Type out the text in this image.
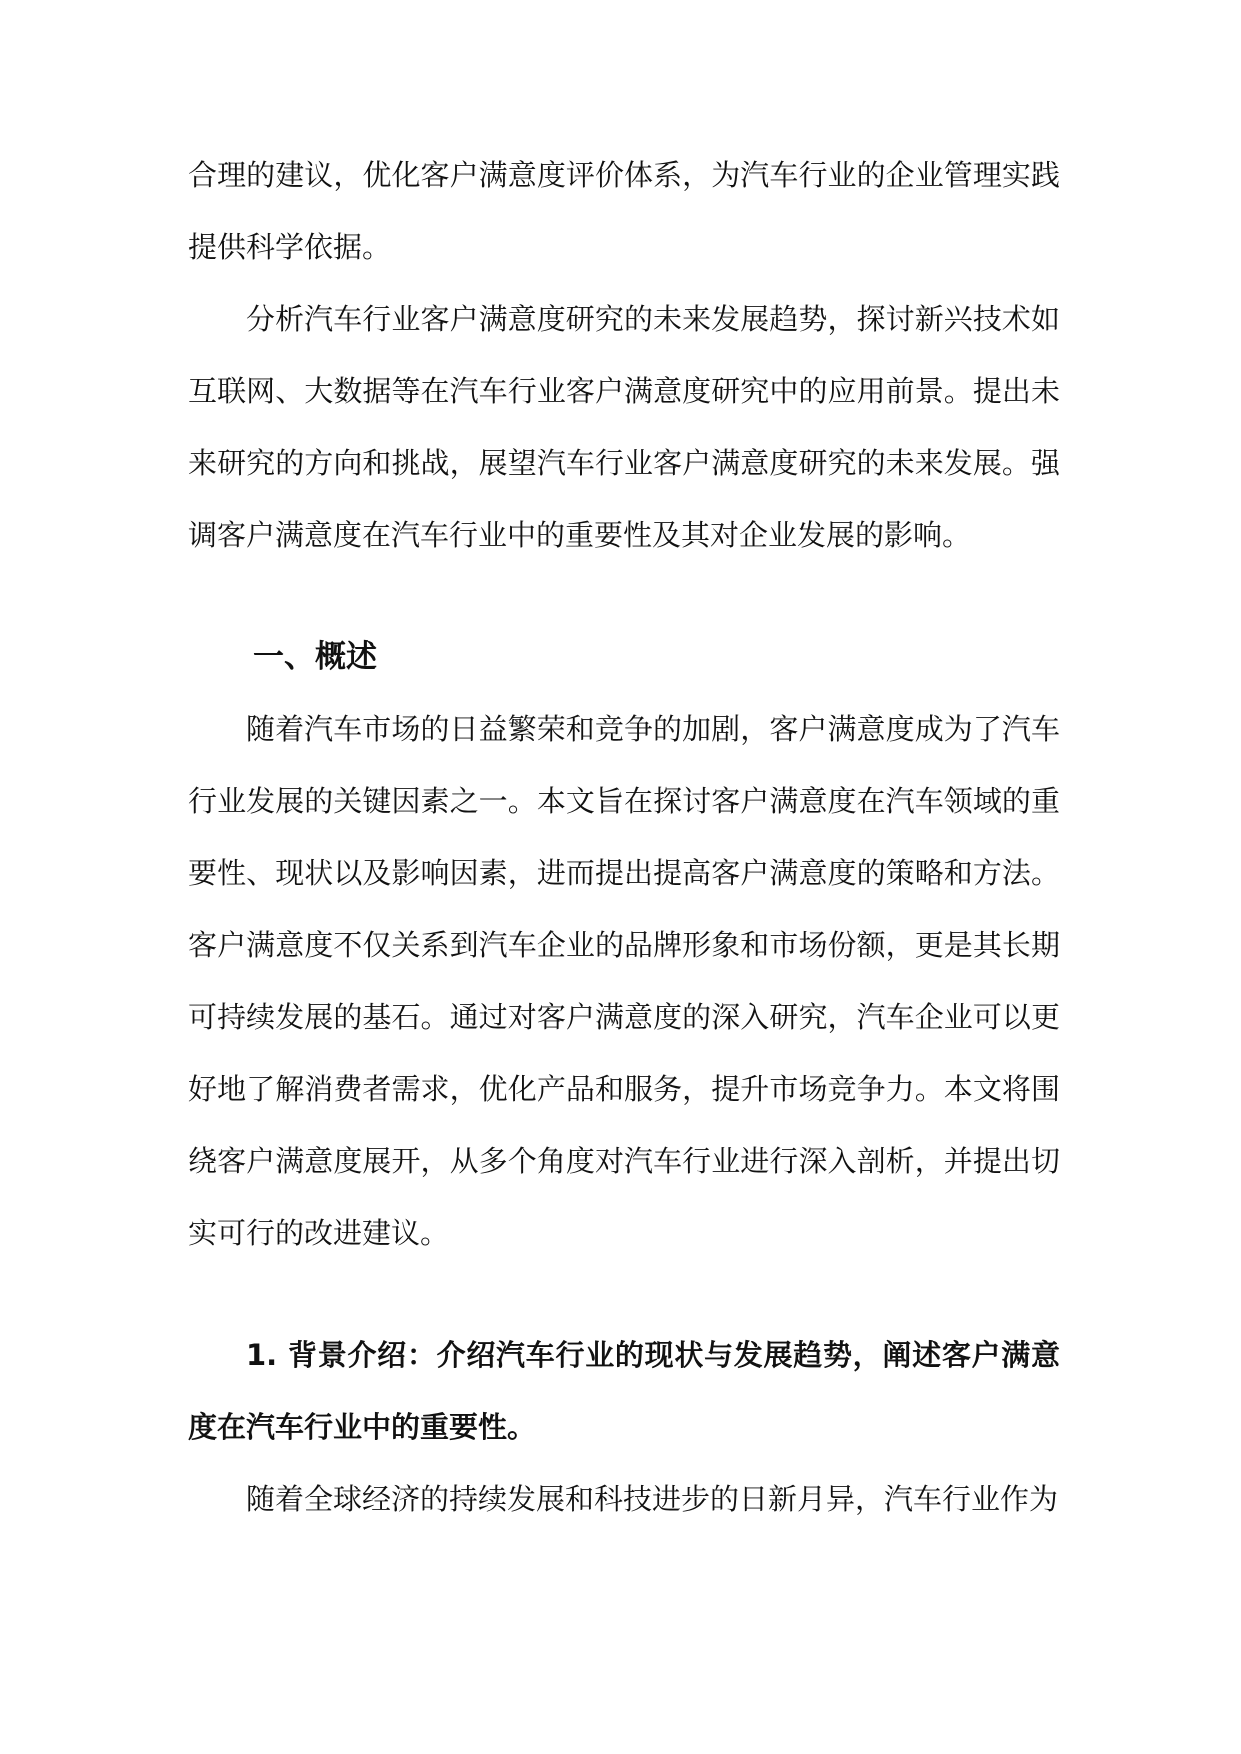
合理的建议，优化客户满意度评价体系，为汽车行业的企业管理实践提供科学依据。

分析汽车行业客户满意度研究的未来发展趋势，探讨新兴技术如互联网、大数据等在汽车行业客户满意度研究中的应用前景。提出未来研究的方向和挑战，展望汽车行业客户满意度研究的未来发展。强调客户满意度在汽车行业中的重要性及其对企业发展的影响。

一、概述

随着汽车市场的日益繁荣和竞争的加剧，客户满意度成为了汽车行业发展的关键因素之一。本文旨在探讨客户满意度在汽车领域的重要性、现状以及影响因素，进而提出提高客户满意度的策略和方法。客户满意度不仅关系到汽车企业的品牌形象和市场份额，更是其长期可持续发展的基石。通过对客户满意度的深入研究，汽车企业可以更好地了解消费者需求，优化产品和服务，提升市场竞争力。本文将围绕客户满意度展开，从多个角度对汽车行业进行深入剖析，并提出切实可行的改进建议。

1. 背景介绍：介绍汽车行业的现状与发展趋势，阐述客户满意度在汽车行业中的重要性。

随着全球经济的持续发展和科技进步的日新月异，汽车行业作为
